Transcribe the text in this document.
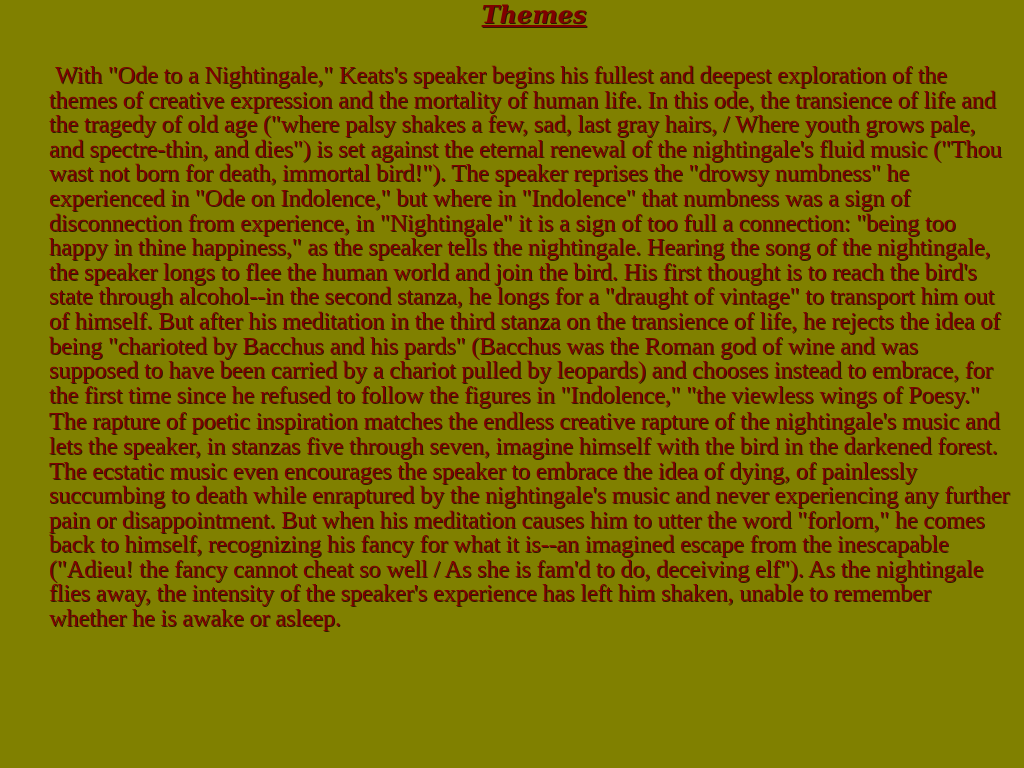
Themes

With "Ode to a Nightingale," Keats's speaker begins his fullest and deepest exploration of the themes of creative expression and the mortality of human life. In this ode, the transience of life and the tragedy of old age ("where palsy shakes a few, sad, last gray hairs, / Where youth grows pale, and spectre-thin, and dies") is set against the eternal renewal of the nightingale's fluid music ("Thou wast not born for death, immortal bird!"). The speaker reprises the "drowsy numbness" he experienced in "Ode on Indolence," but where in "Indolence" that numbness was a sign of disconnection from experience, in "Nightingale" it is a sign of too full a connection: "being too happy in thine happiness," as the speaker tells the nightingale. Hearing the song of the nightingale, the speaker longs to flee the human world and join the bird. His first thought is to reach the bird's state through alcohol--in the second stanza, he longs for a "draught of vintage" to transport him out of himself. But after his meditation in the third stanza on the transience of life, he rejects the idea of being "charioted by Bacchus and his pards" (Bacchus was the Roman god of wine and was supposed to have been carried by a chariot pulled by leopards) and chooses instead to embrace, for the first time since he refused to follow the figures in "Indolence," "the viewless wings of Poesy."

The rapture of poetic inspiration matches the endless creative rapture of the nightingale's music and lets the speaker, in stanzas five through seven, imagine himself with the bird in the darkened forest. The ecstatic music even encourages the speaker to embrace the idea of dying, of painlessly succumbing to death while enraptured by the nightingale's music and never experiencing any further pain or disappointment. But when his meditation causes him to utter the word "forlorn," he comes back to himself, recognizing his fancy for what it is--an imagined escape from the inescapable ("Adieu! the fancy cannot cheat so well / As she is fam'd to do, deceiving elf"). As the nightingale flies away, the intensity of the speaker's experience has left him shaken, unable to remember whether he is awake or asleep.
